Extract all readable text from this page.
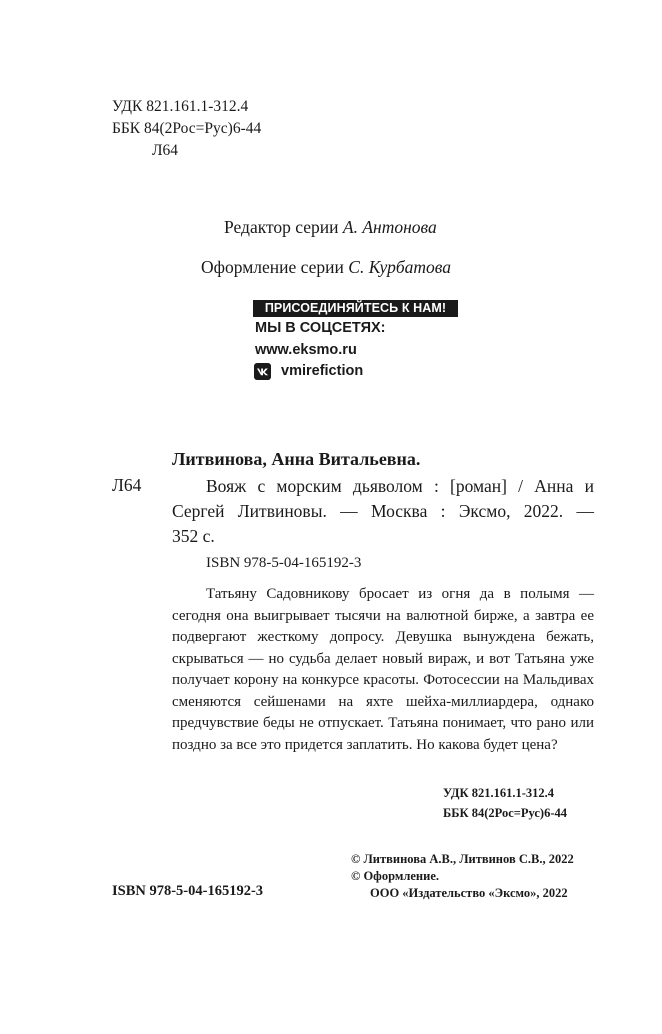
УДК 821.161.1-312.4
ББК 84(2Рос=Рус)6-44
Л64
Редактор серии А. Антонова
Оформление серии С. Курбатова
ПРИСОЕДИНЯЙТЕСЬ К НАМ!
МЫ В СОЦСЕТЯХ:
www.eksmo.ru
vmirefiction
Литвинова, Анна Витальевна.
Л64	Вояж с морским дьяволом : [роман] / Анна и
Сергей Литвиновы. — Москва : Эксмо, 2022. —
352 с.
ISBN 978-5-04-165192-3
Татьяну Садовникову бросает из огня да в полымя — сегодня она выигрывает тысячи на валютной бирже, а завтра ее подвергают жесткому допросу. Девушка вынуждена бежать, скрываться — но судьба делает новый вираж, и вот Татьяна уже получает корону на конкурсе красоты. Фотосессии на Мальдивах сменяются сейшенами на яхте шейха-миллиардера, однако предчувствие беды не отпускает. Татьяна понимает, что рано или поздно за все это придется заплатить. Но какова будет цена?
УДК 821.161.1-312.4
ББК 84(2Рос=Рус)6-44
© Литвинова А.В., Литвинов С.В., 2022
© Оформление.
ООО «Издательство «Эксмо», 2022
ISBN 978-5-04-165192-3
